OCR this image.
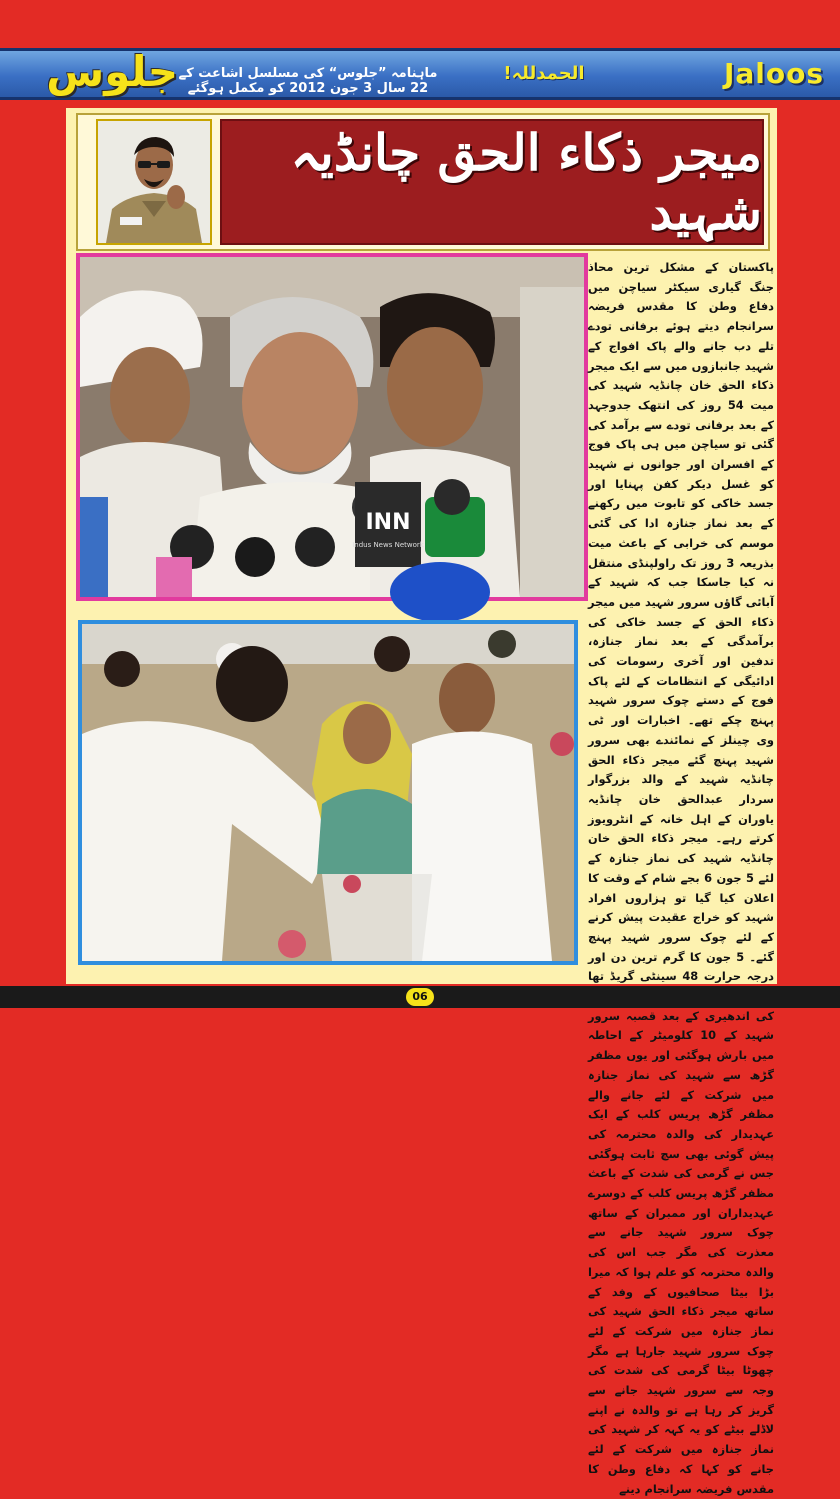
Jaloos
الحمدللہ!
ماہنامہ ”جلوس“ کی مسلسل اشاعت کے 22 سال 3 جون 2012 کو مکمل ہوگئے
جلوس
میجر ذکاء الحق چانڈیہ شہید
INN
Indus News Network
پاکستان کے مشکل ترین محاذ جنگ گیاری سیکٹر سیاچن میں دفاع وطن کا مقدس فریضہ سرانجام دیتے ہوئے برفانی تودے تلے دب جانے والے پاک افواج کے شہید جانبازوں میں سے ایک میجر ذکاء الحق خان چانڈیہ شہید کی میت 54 روز کی انتھک جدوجہد کے بعد برفانی تودے سے برآمد کی گئی تو سیاچن میں ہی پاک فوج کے افسران اور جوانوں نے شہید کو غسل دیکر کفن پہنایا اور جسد خاکی کو تابوت میں رکھنے کے بعد نماز جنازہ ادا کی گئی موسم کی خرابی کے باعث میت بذریعہ 3 روز تک راولپنڈی منتقل نہ کیا جاسکا جب کہ شہید کے آبائی گاؤں سرور شہید میں میجر ذکاء الحق کے جسد خاکی کی برآمدگی کے بعد نماز جنازہ، تدفین اور آخری رسومات کی ادائیگی کے انتظامات کے لئے پاک فوج کے دستے چوک سرور شہید پہنچ چکے تھے۔ اخبارات اور ٹی وی چینلز کے نمائندے بھی سرور شہید پہنچ گئے میجر ذکاء الحق چانڈیہ شہید کے والد بزرگوار سردار عبدالحق خان چانڈیہ یاوران کے اہل خانہ کے انٹرویوز کرتے رہے۔ میجر ذکاء الحق خان چانڈیہ شہید کی نماز جنازہ کے لئے 5 جون 6 بجے شام کے وقت کا اعلان کیا گیا تو ہزاروں افراد شہید کو خراج عقیدت پیش کرنے کے لئے چوک سرور شہید پہنچ گئے۔ 5 جون کا گرم ترین دن اور درجہ حرارت 48 سینٹی گریڈ تھا کی اندھیری کے بعد قصبہ سرور شہید کے 10 کلومیٹر کے احاطہ میں بارش ہوگئی اور یوں مظفر گڑھ سے شہید کی نماز جنازہ میں شرکت کے لئے جانے والے مظفر گڑھ پریس کلب کے ایک عہدیدار کی والدہ محترمہ کی پیش گوئی بھی سچ ثابت ہوگئی جس نے گرمی کی شدت کے باعث مظفر گڑھ پریس کلب کے دوسرے عہدیداران اور ممبران کے ساتھ چوک سرور شہید جانے سے معذرت کی مگر جب اس کی والدہ محترمہ کو علم ہوا کہ میرا بڑا بیٹا صحافیوں کے وفد کے ساتھ میجر ذکاء الحق شہید کی نماز جنازہ میں شرکت کے لئے چوک سرور شہید جارہا ہے مگر چھوٹا بیٹا گرمی کی شدت کی وجہ سے سرور شہید جانے سے گریز کر رہا ہے تو والدہ نے اپنے لاڈلے بیٹے کو یہ کہہ کر شہید کی نماز جنازہ میں شرکت کے لئے جانے کو کہا کہ دفاع وطن کا مقدس فریضہ سرانجام دینے
06
